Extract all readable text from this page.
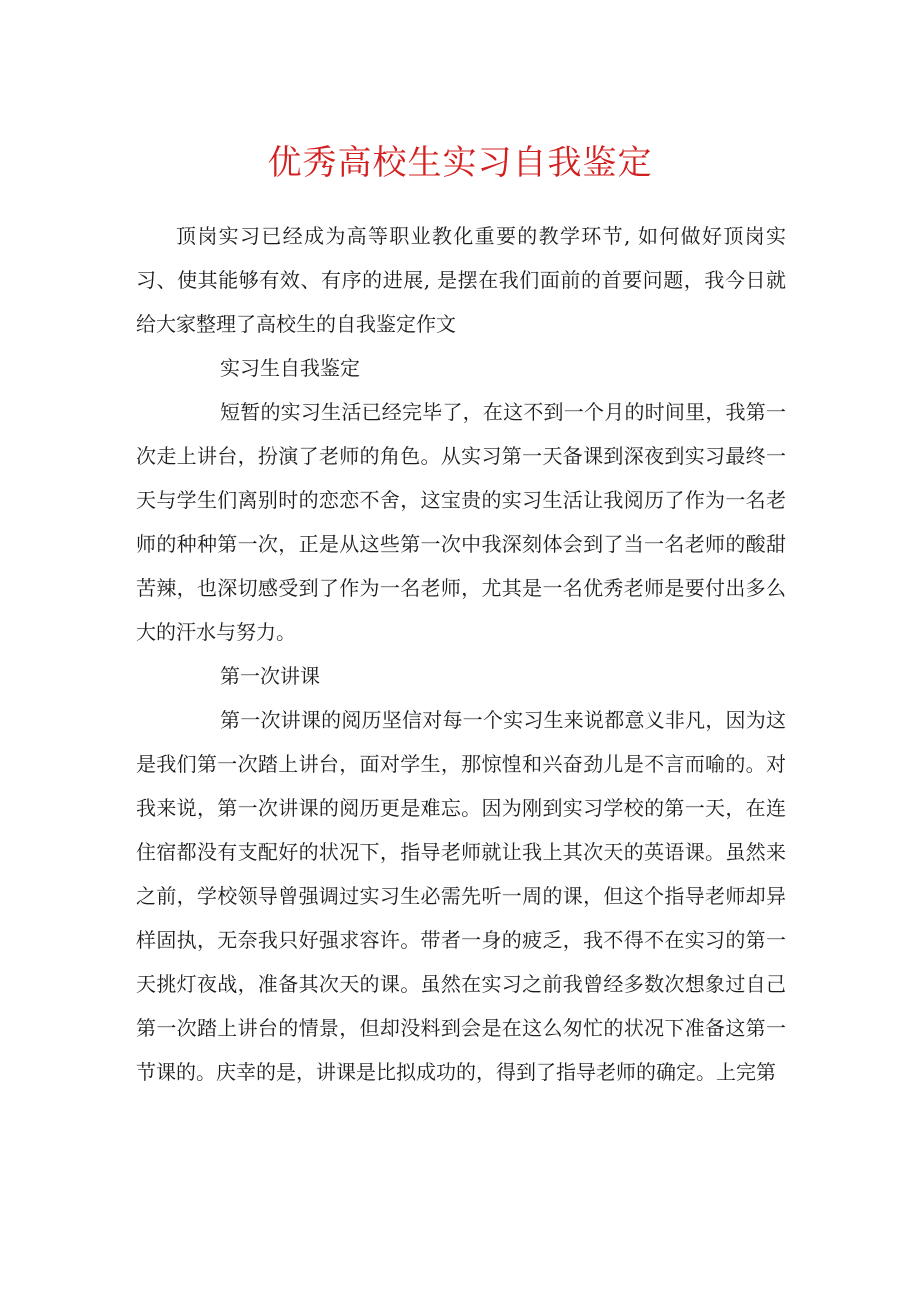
优秀高校生实习自我鉴定

顶岗实习已经成为高等职业教化重要的教学环节, 如何做好顶岗实习、使其能够有效、有序的进展, 是摆在我们面前的首要问题，我今日就给大家整理了高校生的自我鉴定作文

实习生自我鉴定

短暂的实习生活已经完毕了，在这不到一个月的时间里，我第一次走上讲台，扮演了老师的角色。从实习第一天备课到深夜到实习最终一天与学生们离别时的恋恋不舍，这宝贵的实习生活让我阅历了作为一名老师的种种第一次，正是从这些第一次中我深刻体会到了当一名老师的酸甜苦辣，也深切感受到了作为一名老师，尤其是一名优秀老师是要付出多么大的汗水与努力。

第一次讲课

第一次讲课的阅历坚信对每一个实习生来说都意义非凡，因为这是我们第一次踏上讲台，面对学生，那惊惶和兴奋劲儿是不言而喻的。对我来说，第一次讲课的阅历更是难忘。因为刚到实习学校的第一天，在连住宿都没有支配好的状况下，指导老师就让我上其次天的英语课。虽然来之前，学校领导曾强调过实习生必需先听一周的课，但这个指导老师却异样固执，无奈我只好强求容许。带者一身的疲乏，我不得不在实习的第一天挑灯夜战，准备其次天的课。虽然在实习之前我曾经多数次想象过自己第一次踏上讲台的情景，但却没料到会是在这么匆忙的状况下准备这第一节课的。庆幸的是，讲课是比拟成功的，得到了指导老师的确定。上完第
